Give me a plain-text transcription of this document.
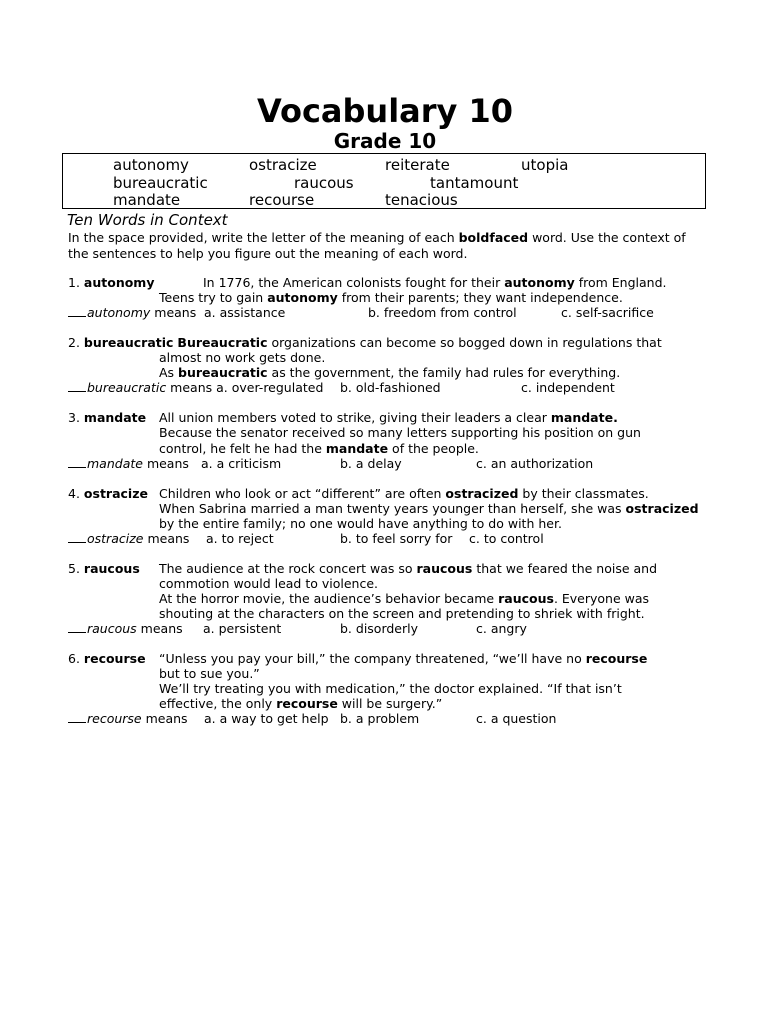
Vocabulary 10
Grade 10
autonomy	ostracize	reiterate	utopia
bureaucratic	raucous	tantamount
mandate	recourse	tenacious
Ten Words in Context
In the space provided, write the letter of the meaning of each boldfaced word. Use the context of the sentences to help you figure out the meaning of each word.
1. autonomy	In 1776, the American colonists fought for their autonomy from England.
Teens try to gain autonomy from their parents; they want independence.
autonomy means a. assistance	b. freedom from control	c. self-sacrifice
2. bureaucratic Bureaucratic organizations can become so bogged down in regulations that
almost no work gets done.
As bureaucratic as the government, the family had rules for everything.
bureaucratic means a. over-regulated b. old-fashioned	c. independent
3. mandate All union members voted to strike, giving their leaders a clear mandate.
Because the senator received so many letters supporting his position on gun
control, he felt he had the mandate of the people.
mandate means a. a criticism	b. a delay	c. an authorization
4. ostracize Children who look or act “different” are often ostracized by their classmates.
When Sabrina married a man twenty years younger than herself, she was ostracized
by the entire family; no one would have anything to do with her.
ostracize means a. to reject	b. to feel sorry for c. to control
5. raucous The audience at the rock concert was so raucous that we feared the noise and
commotion would lead to violence.
At the horror movie, the audience’s behavior became raucous. Everyone was
shouting at the characters on the screen and pretending to shriek with fright.
raucous means a. persistent	b. disorderly	c. angry
6. recourse “Unless you pay your bill,” the company threatened, “we’ll have no recourse
but to sue you.”
We’ll try treating you with medication,” the doctor explained. “If that isn’t
effective, the only recourse will be surgery.”
recourse means a. a way to get help b. a problem	c. a question
